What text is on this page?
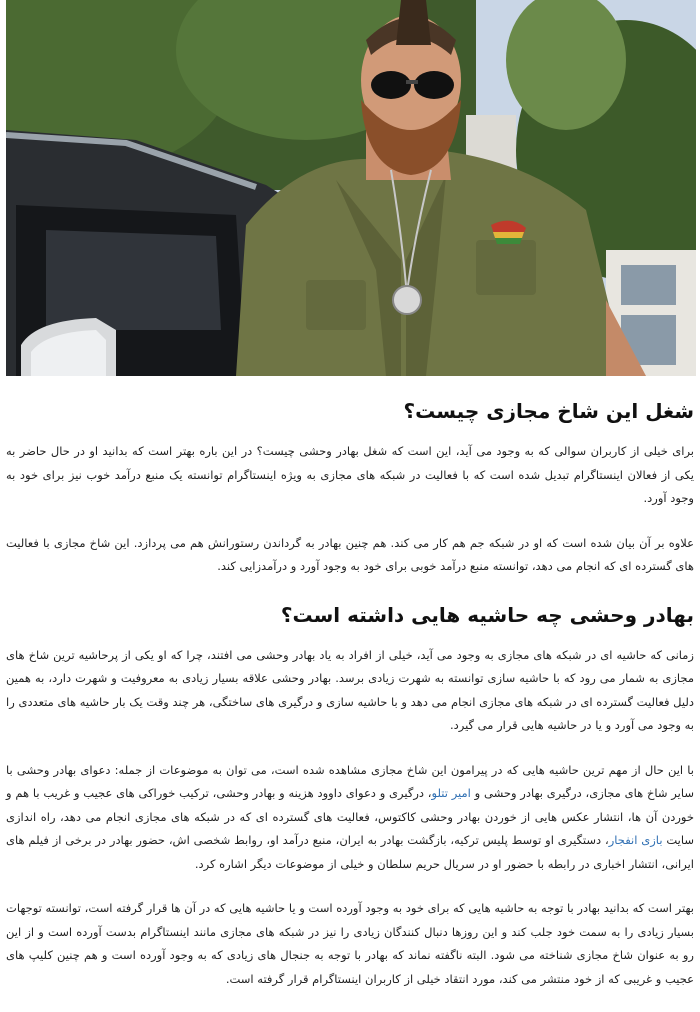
شغل این شاخ مجازی چیست؟

برای خیلی از کاربران سوالی که به وجود می آید، این است که شغل بهادر وحشی چیست؟ در این باره بهتر است که بدانید او در حال حاضر به یکی از فعالان اینستاگرام تبدیل شده است که با فعالیت در شبکه های مجازی به ویژه اینستاگرام توانسته یک منبع درآمد خوب نیز برای خود به وجود آورد.

علاوه بر آن بیان شده است که او در شبکه جم هم کار می کند. هم چنین بهادر به گرداندن رستورانش هم می پردازد. این شاخ مجازی با فعالیت های گسترده ای که انجام می دهد، توانسته منبع درآمد خوبی برای خود به وجود آورد و درآمدزایی کند.

بهادر وحشی چه حاشیه هایی داشته است؟

زمانی که حاشیه ای در شبکه های مجازی به وجود می آید، خیلی از افراد به یاد بهادر وحشی می افتند، چرا که او یکی از پرحاشیه ترین شاخ های مجازی به شمار می رود که با حاشیه سازی توانسته به شهرت زیادی برسد. بهادر وحشی علاقه بسیار زیادی به معروفیت و شهرت دارد، به همین دلیل فعالیت گسترده ای در شبکه های مجازی انجام می دهد و با حاشیه سازی و درگیری های ساختگی، هر چند وقت یک بار حاشیه های متعددی را به وجود می آورد و یا در حاشیه هایی قرار می گیرد.

با این حال از مهم ترین حاشیه هایی که در پیرامون این شاخ مجازی مشاهده شده است، می توان به موضوعات از جمله: دعوای بهادر وحشی با سایر شاخ های مجازی، درگیری بهادر وحشی و امیر تتلو، درگیری و دعوای داوود هزینه و بهادر وحشی، ترکیب خوراکی های عجیب و غریب با هم و خوردن آن ها، انتشار عکس هایی از خوردن بهادر وحشی کاکتوس، فعالیت های گسترده ای که در شبکه های مجازی انجام می دهد، راه اندازی سایت بازی انفجار، دستگیری او توسط پلیس ترکیه، بازگشت بهادر به ایران، منبع درآمد او، روابط شخصی اش، حضور بهادر در برخی از فیلم های ایرانی، انتشار اخباری در رابطه با حضور او در سریال حریم سلطان و خیلی از موضوعات دیگر اشاره کرد.

بهتر است که بدانید بهادر با توجه به حاشیه هایی که برای خود به وجود آورده است و یا حاشیه هایی که در آن ها قرار گرفته است، توانسته توجهات بسیار زیادی را به سمت خود جلب کند و این روزها دنبال کنندگان زیادی را نیز در شبکه های مجازی مانند اینستاگرام بدست آورده است و از این رو به عنوان شاخ مجازی شناخته می شود. البته ناگفته نماند که بهادر با توجه به جنجال های زیادی که به وجود آورده است و هم چنین کلیپ های عجیب و غریبی که از خود منتشر می کند، مورد انتقاد خیلی از کاربران اینستاگرام قرار گرفته است.
